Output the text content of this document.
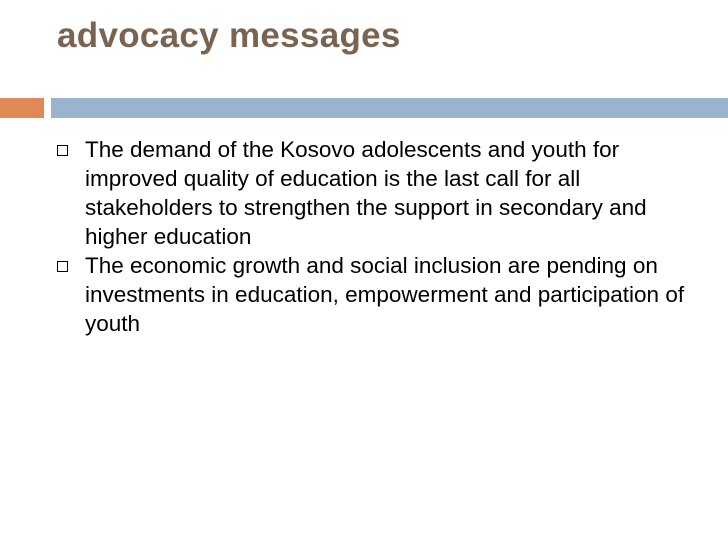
advocacy messages
The demand of the Kosovo adolescents and youth for improved quality of education is the last call for all stakeholders to strengthen the support in secondary and higher education
The economic growth and social inclusion are pending on investments in education, empowerment and participation of youth
